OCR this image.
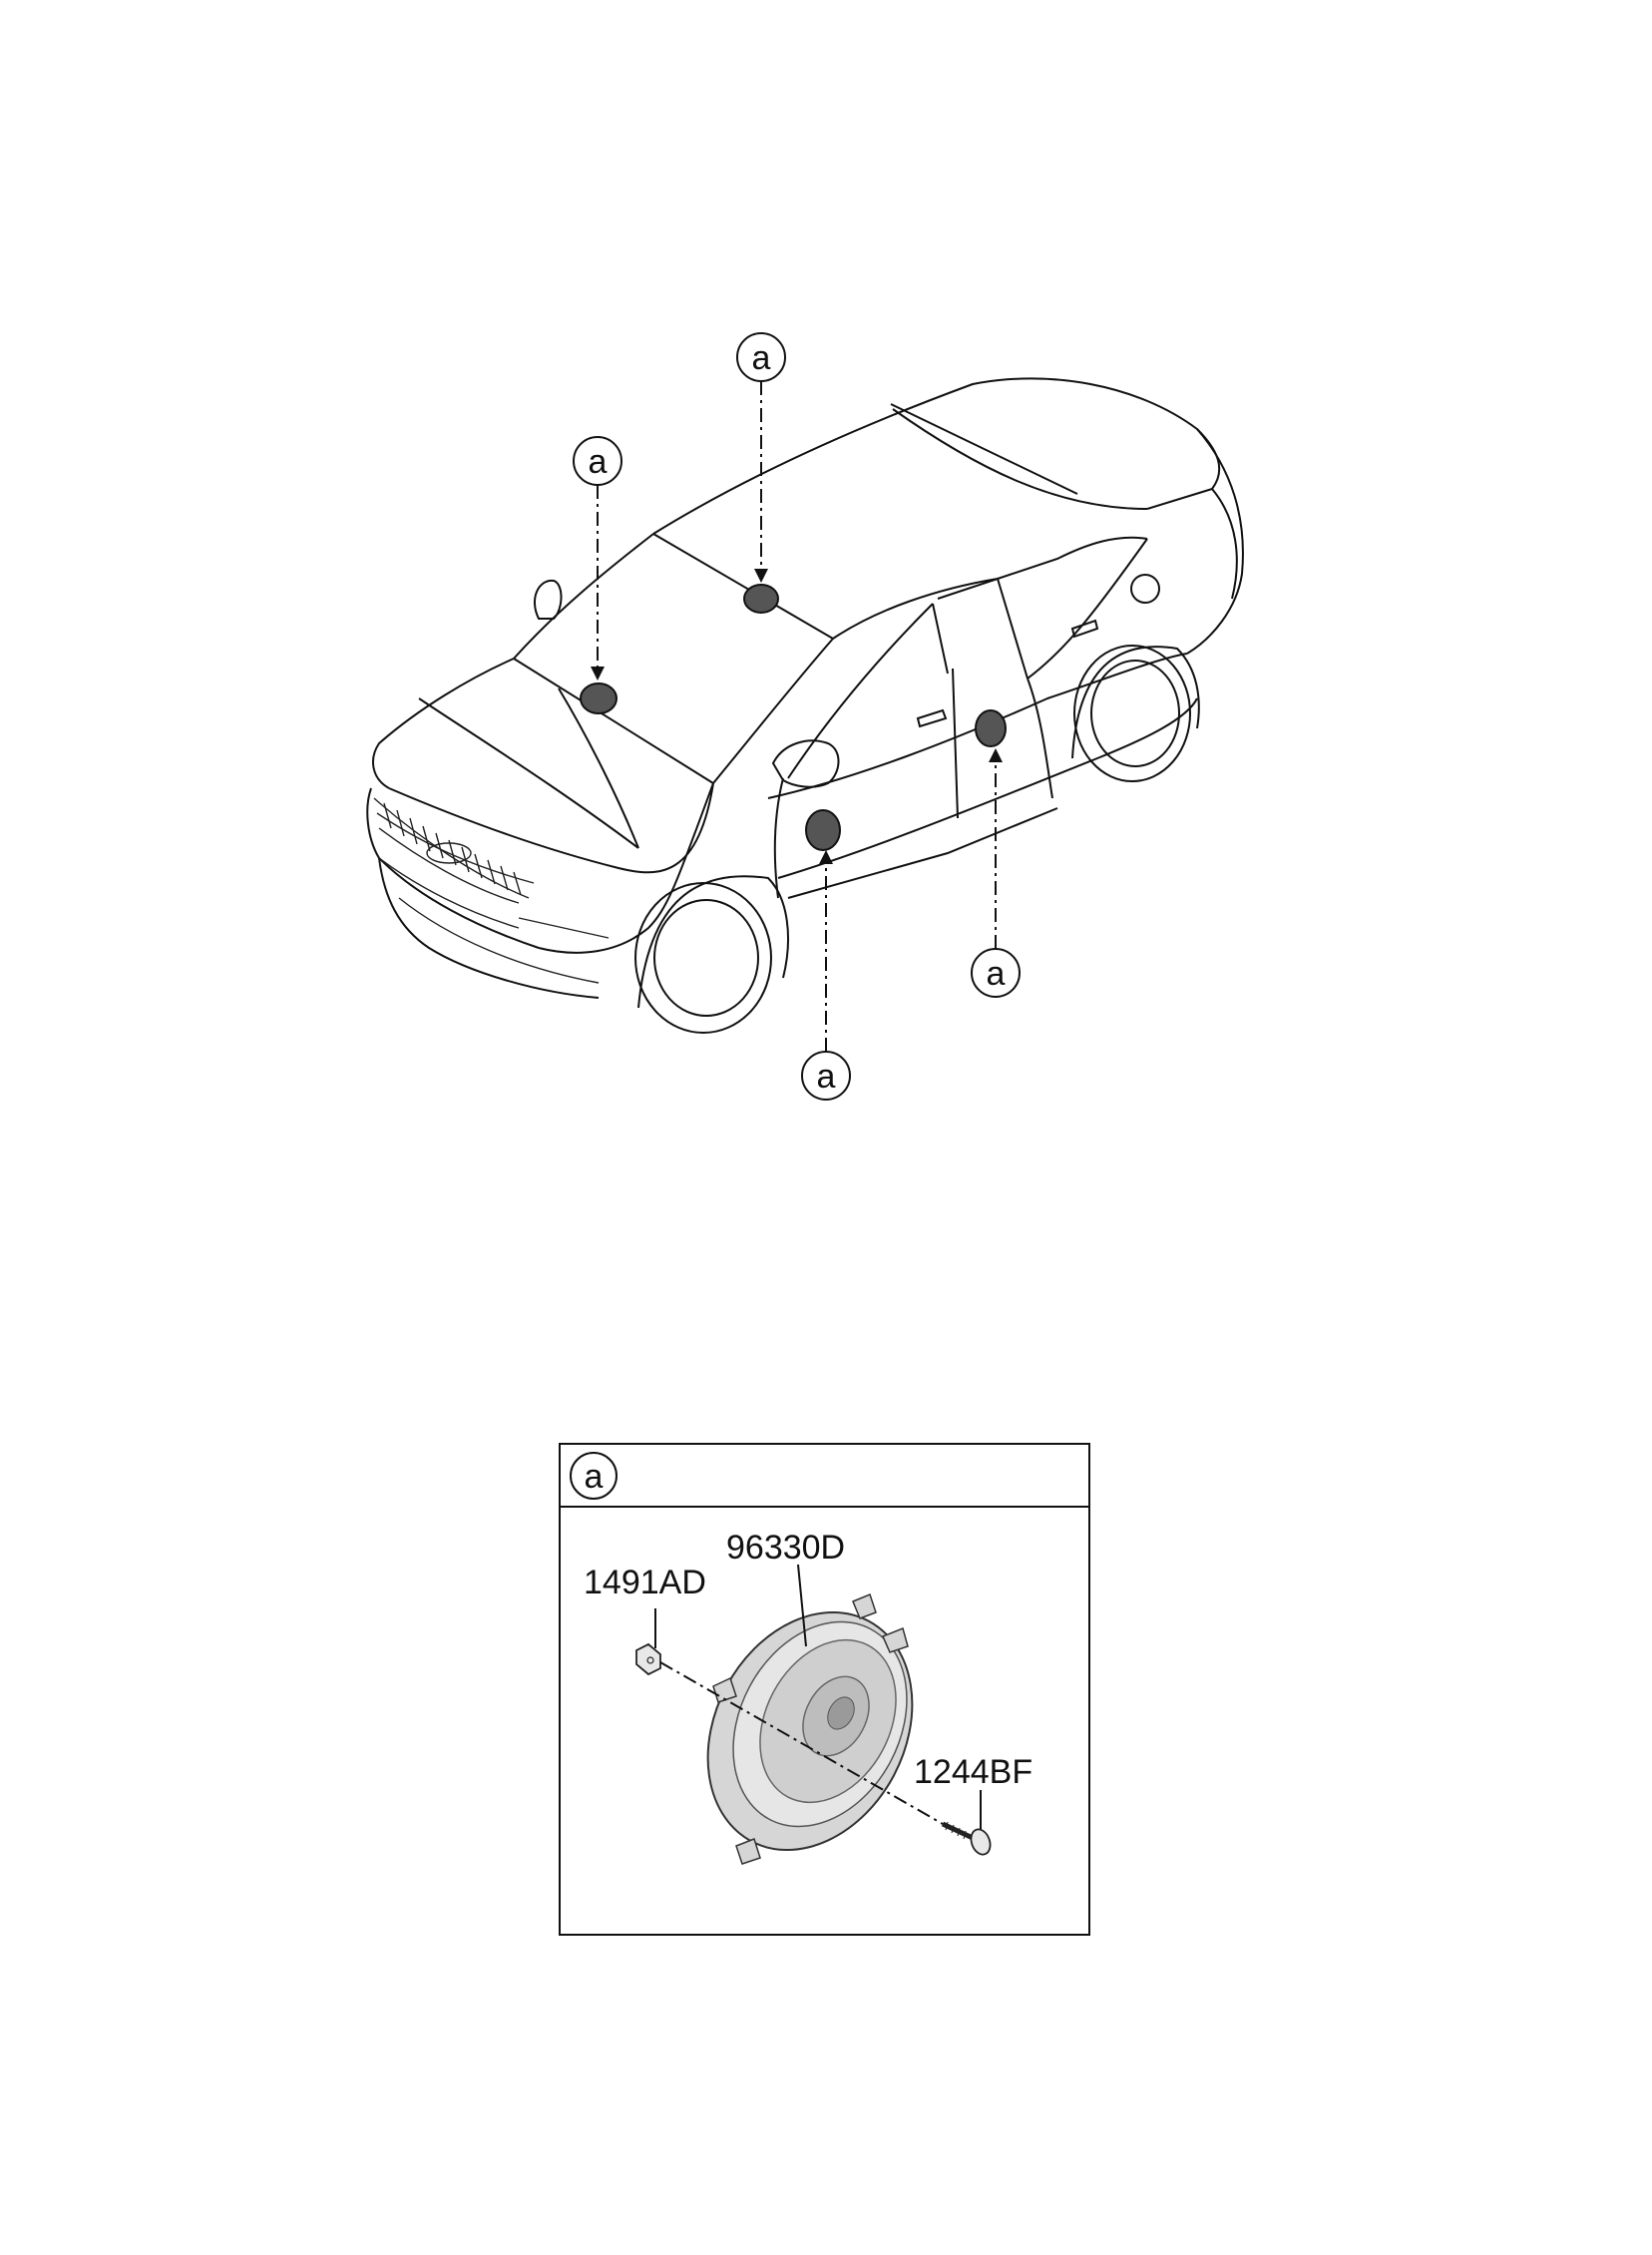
a
a
a
a
a
1491AD
96330D
1244BF
